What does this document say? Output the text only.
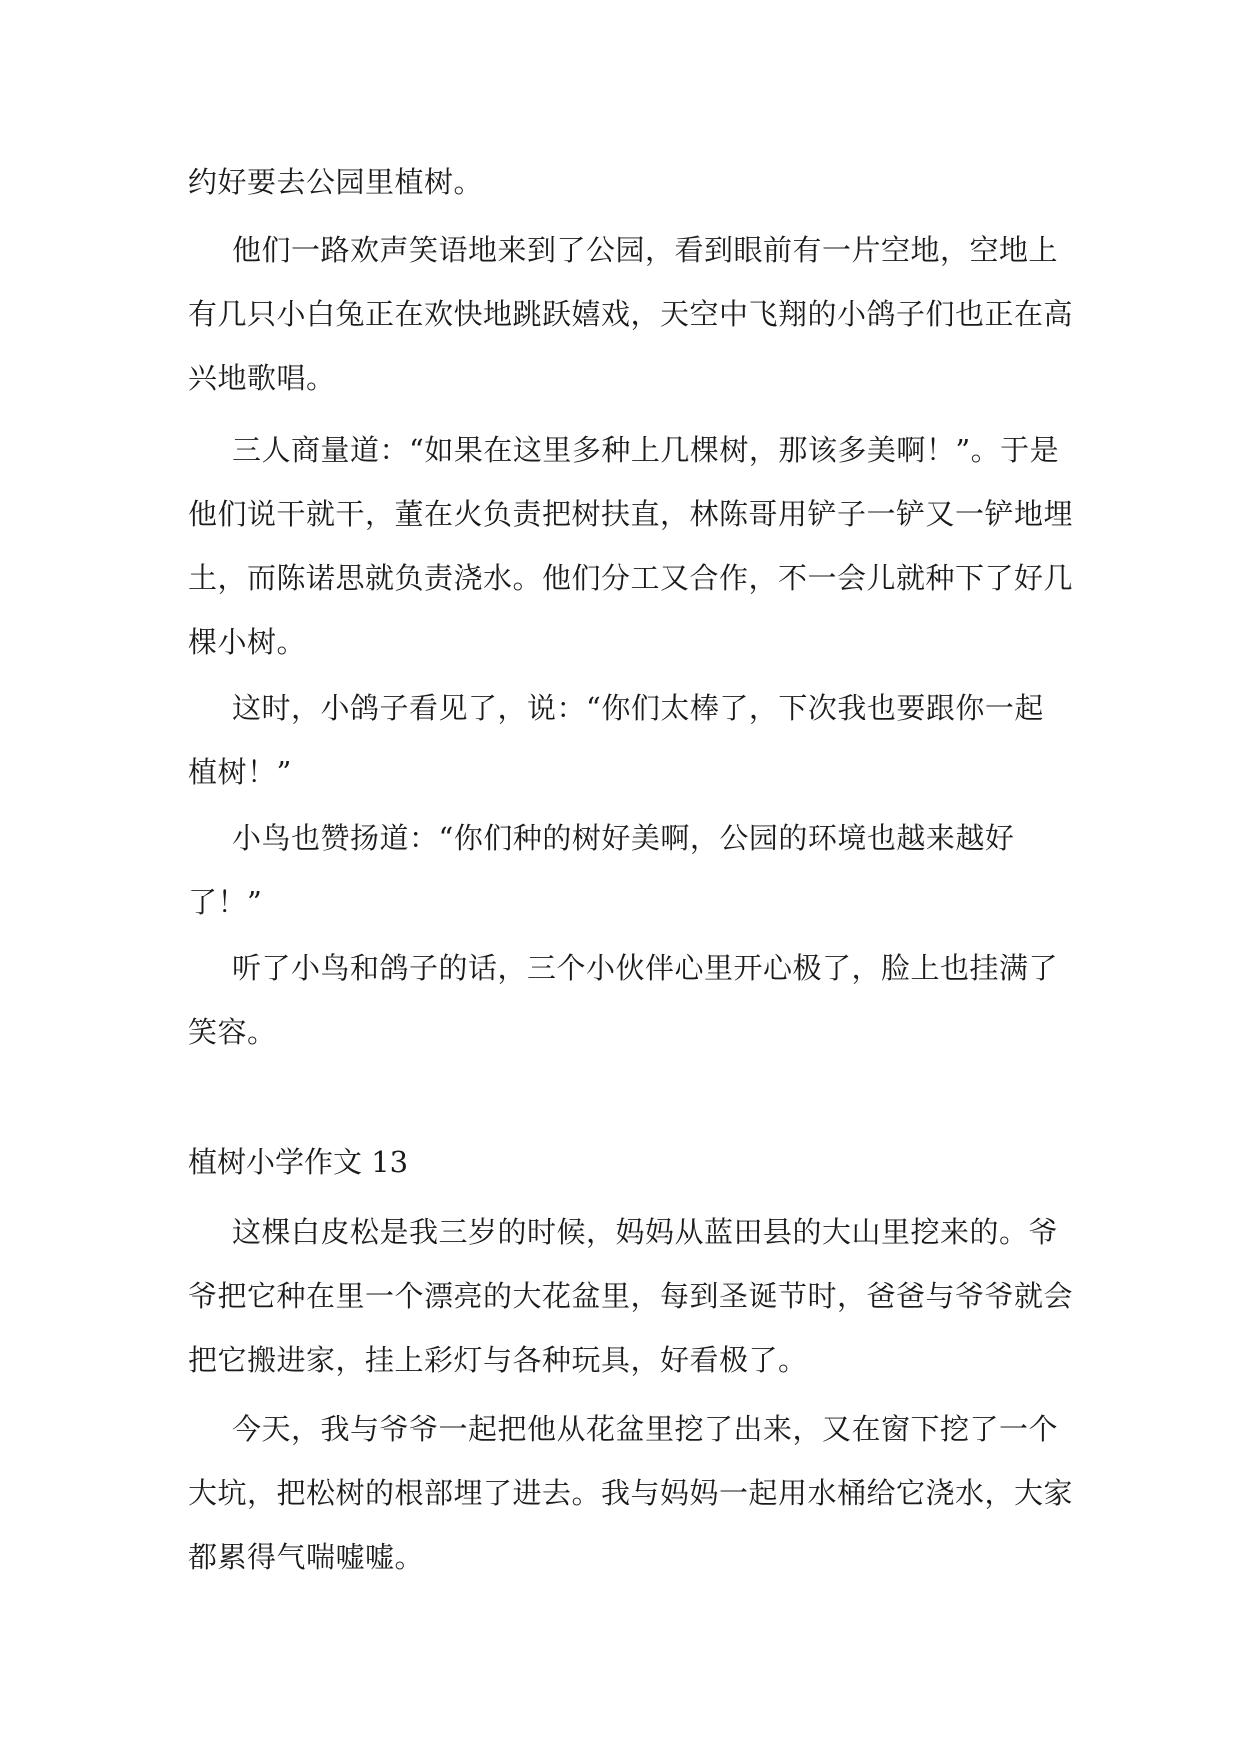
约好要去公园里植树。
他们一路欢声笑语地来到了公园，看到眼前有一片空地，空地上
有几只小白兔正在欢快地跳跃嬉戏，天空中飞翔的小鸽子们也正在高
兴地歌唱。
三人商量道：“如果在这里多种上几棵树，那该多美啊！”。于是
他们说干就干，董在火负责把树扶直，林陈哥用铲子一铲又一铲地埋
土，而陈诺思就负责浇水。他们分工又合作，不一会儿就种下了好几
棵小树。
这时，小鸽子看见了，说：“你们太棒了，下次我也要跟你一起
植树！”
小鸟也赞扬道：“你们种的树好美啊，公园的环境也越来越好
了！”
听了小鸟和鸽子的话，三个小伙伴心里开心极了，脸上也挂满了
笑容。
植树小学作文 13
这棵白皮松是我三岁的时候，妈妈从蓝田县的大山里挖来的。爷
爷把它种在里一个漂亮的大花盆里，每到圣诞节时，爸爸与爷爷就会
把它搬进家，挂上彩灯与各种玩具，好看极了。
今天，我与爷爷一起把他从花盆里挖了出来，又在窗下挖了一个
大坑，把松树的根部埋了进去。我与妈妈一起用水桶给它浇水，大家
都累得气喘嘘嘘。
